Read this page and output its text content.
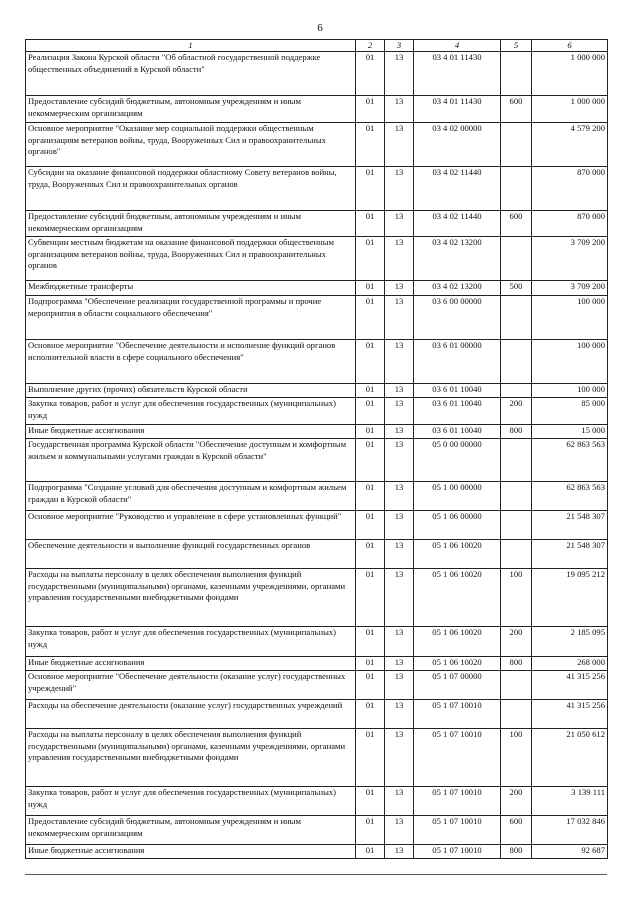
6
1	2	3	4	5	6
Реализация Закона Курской области "Об областной государственной поддержке общественных объединений в Курской области"	01	13	03 4 01 11430		1 000 000
Предоставление субсидий бюджетным, автономным учреждениям и иным некоммерческим организациям	01	13	03 4 01 11430	600	1 000 000
Основное мероприятие "Оказание мер социальной поддержки общественным организациям ветеранов войны, труда, Вооруженных Сил и правоохранительных органов"	01	13	03 4 02 00000		4 579 200
Субсидии на оказание финансовой поддержки областному Совету ветеранов войны, труда, Вооруженных Сил и правоохранительных органов	01	13	03 4 02 11440		870 000
Предоставление субсидий бюджетным, автономным учреждениям и иным некоммерческим организациям	01	13	03 4 02 11440	600	870 000
Субвенции местным бюджетам на оказание финансовой поддержки общественным организациям ветеранов войны, труда, Вооруженных Сил и правоохранительных органов	01	13	03 4 02 13200		3 709 200
Межбюджетные трансферты	01	13	03 4 02 13200	500	3 709 200
Подпрограмма "Обеспечение реализации государственной программы и прочие мероприятия в области социального обеспечения"	01	13	03 6 00 00000		100 000
Основное мероприятие "Обеспечение деятельности и исполнение функций органов исполнительной власти в сфере социального обеспечения"	01	13	03 6 01 00000		100 000
Выполнение других (прочих) обязательств Курской области	01	13	03 6 01 10040		100 000
Закупка товаров, работ и услуг для обеспечения государственных (муниципальных) нужд	01	13	03 6 01 10040	200	85 000
Иные бюджетные ассигнования	01	13	03 6 01 10040	800	15 000
Государственная программа Курской области "Обеспечение доступным и комфортным жильем и коммунальными услугами граждан в Курской области"	01	13	05 0 00 00000		62 863 563
Подпрограмма "Создание условий для обеспечения доступным и комфортным жильем граждан в Курской области"	01	13	05 1 00 00000		62 863 563
Основное мероприятие "Руководство и управление в сфере установленных функций"	01	13	05 1 06 00000		21 548 307
Обеспечение деятельности и выполнение функций государственных органов	01	13	05 1 06 10020		21 548 307
Расходы на выплаты персоналу в целях обеспечения выполнения функций государственными (муниципальными) органами, казенными учреждениями, органами управления государственными внебюджетными фондами	01	13	05 1 06 10020	100	19 095 212
Закупка товаров, работ и услуг для обеспечения государственных (муниципальных) нужд	01	13	05 1 06 10020	200	2 185 095
Иные бюджетные ассигнования	01	13	05 1 06 10020	800	268 000
Основное мероприятие "Обеспечение деятельности (оказание услуг) государственных учреждений"	01	13	05 1 07 00000		41 315 256
Расходы на обеспечение деятельности (оказание услуг) государственных учреждений	01	13	05 1 07 10010		41 315 256
Расходы на выплаты персоналу в целях обеспечения выполнения функций государственными (муниципальными) органами, казенными учреждениями, органами управления государственными внебюджетными фондами	01	13	05 1 07 10010	100	21 050 612
Закупка товаров, работ и услуг для обеспечения государственных (муниципальных) нужд	01	13	05 1 07 10010	200	3 139 111
Предоставление субсидий бюджетным, автономным учреждениям и иным некоммерческим организациям	01	13	05 1 07 10010	600	17 032 846
Иные бюджетные ассигнования	01	13	05 1 07 10010	800	92 687
